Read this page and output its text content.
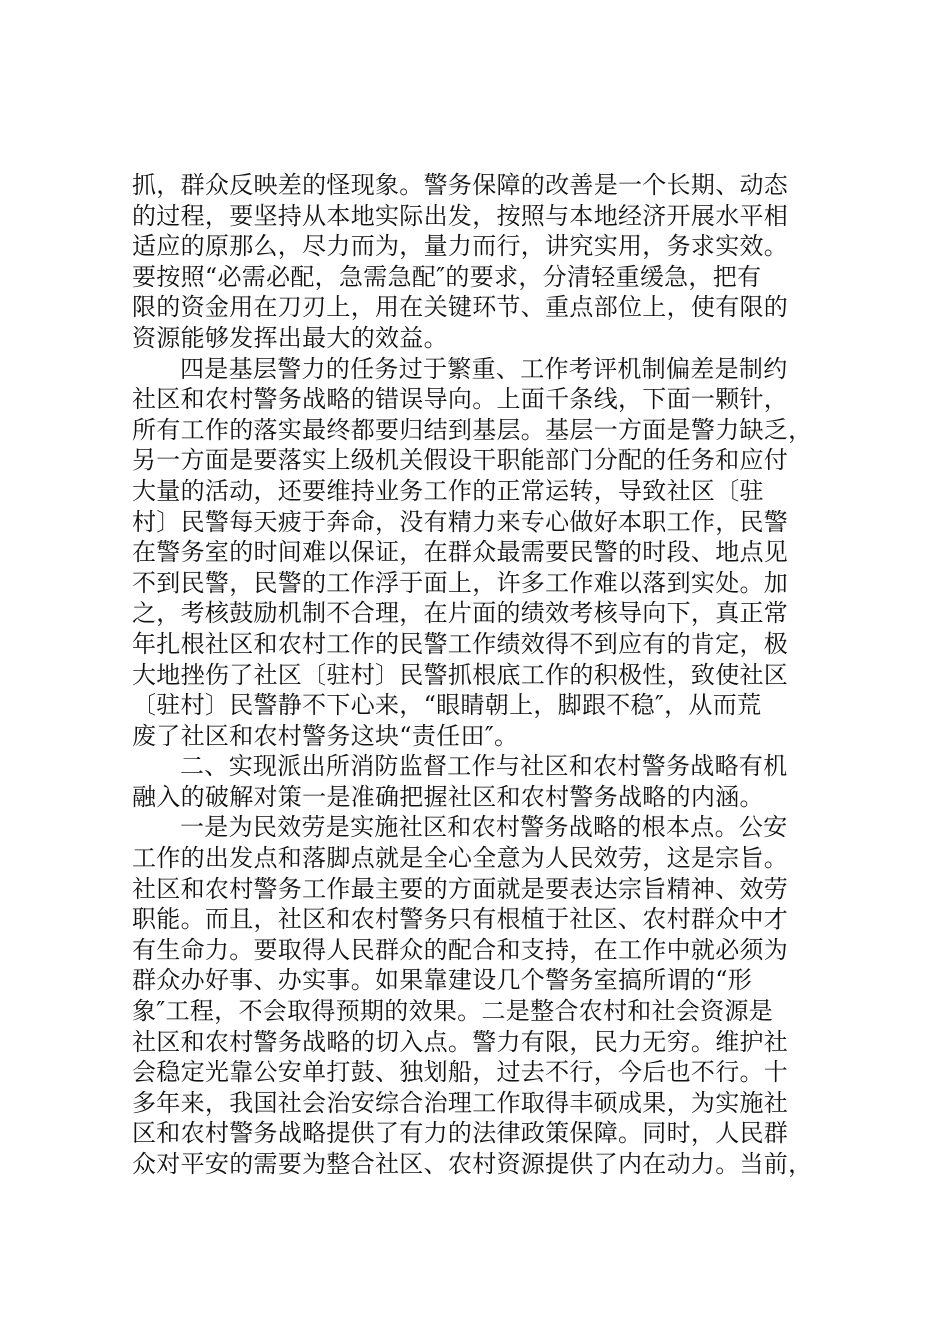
抓，群众反映差的怪现象。警务保障的改善是一个长期、动态
的过程，要坚持从本地实际出发，按照与本地经济开展水平相
适应的原那么，尽力而为，量力而行，讲究实用，务求实效。
要按照“必需必配，急需急配″的要求，分清轻重缓急，把有
限的资金用在刀刃上，用在关键环节、重点部位上，使有限的
资源能够发挥出最大的效益。
四是基层警力的任务过于繁重、工作考评机制偏差是制约
社区和农村警务战略的错误导向。上面千条线，下面一颗针，
所有工作的落实最终都要归结到基层。基层一方面是警力缺乏，
另一方面是要落实上级机关假设干职能部门分配的任务和应付
大量的活动，还要维持业务工作的正常运转，导致社区〔驻
村〕民警每天疲于奔命，没有精力来专心做好本职工作，民警
在警务室的时间难以保证，在群众最需要民警的时段、地点见
不到民警，民警的工作浮于面上，许多工作难以落到实处。加
之，考核鼓励机制不合理，在片面的绩效考核导向下，真正常
年扎根社区和农村工作的民警工作绩效得不到应有的肯定，极
大地挫伤了社区〔驻村〕民警抓根底工作的积极性，致使社区
〔驻村〕民警静不下心来，“眼睛朝上，脚跟不稳″，从而荒
废了社区和农村警务这块“责任田″。
二、实现派出所消防监督工作与社区和农村警务战略有机
融入的破解对策一是准确把握社区和农村警务战略的内涵。
一是为民效劳是实施社区和农村警务战略的根本点。公安
工作的出发点和落脚点就是全心全意为人民效劳，这是宗旨。
社区和农村警务工作最主要的方面就是要表达宗旨精神、效劳
职能。而且，社区和农村警务只有根植于社区、农村群众中才
有生命力。要取得人民群众的配合和支持，在工作中就必须为
群众办好事、办实事。如果靠建设几个警务室搞所谓的“形
象″工程，不会取得预期的效果。二是整合农村和社会资源是
社区和农村警务战略的切入点。警力有限，民力无穷。维护社
会稳定光靠公安单打鼓、独划船，过去不行，今后也不行。十
多年来，我国社会治安综合治理工作取得丰硕成果，为实施社
区和农村警务战略提供了有力的法律政策保障。同时，人民群
众对平安的需要为整合社区、农村资源提供了内在动力。当前，
